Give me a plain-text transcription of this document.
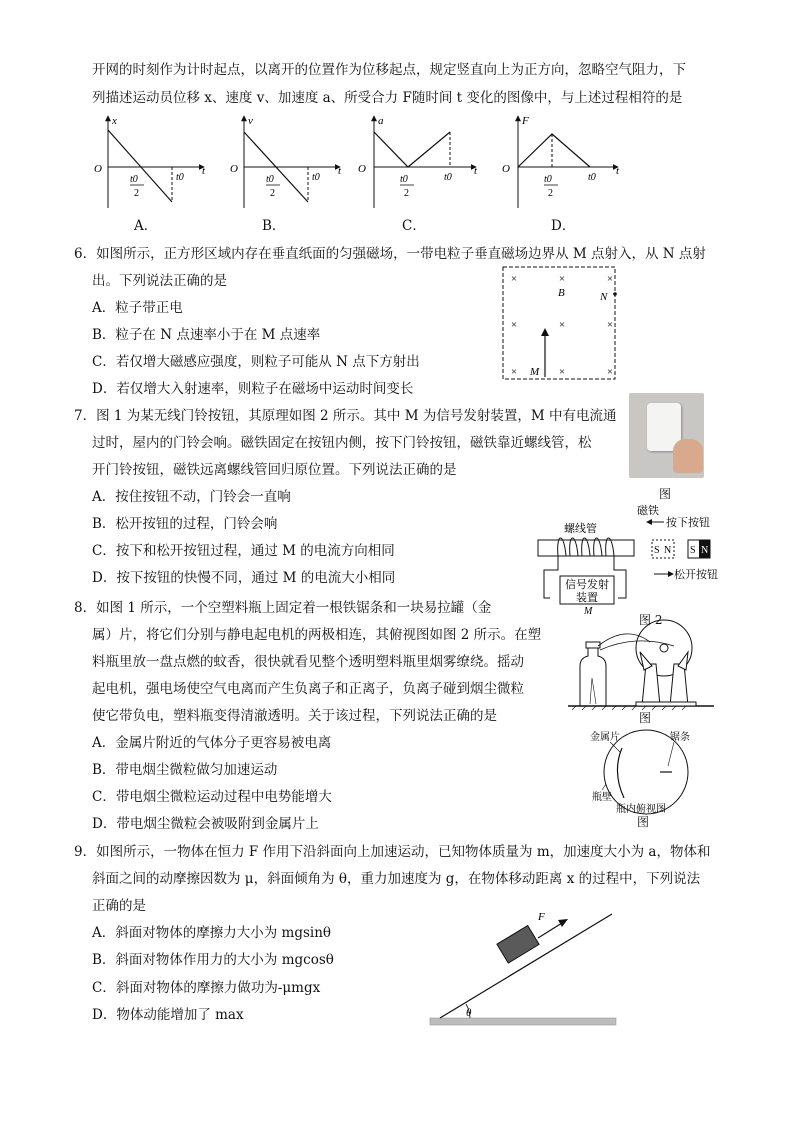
开网的时刻作为计时起点，以离开的位置作为位移起点，规定竖直向上为正方向，忽略空气阻力，下
列描述运动员位移 x、速度 v、加速度 a、所受合力 F随时间 t 变化的图像中，与上述过程相符的是
x
O	t
t0
2
t0
v
O	t
t0
2
t0
a
O	t
t0
2
t0
F
O	t
t0
2
t0
A．	B．	C．	D．
6．如图所示，正方形区域内存在垂直纸面的匀强磁场，一带电粒子垂直磁场边界从 M 点射入，从 N 点射
出。下列说法正确的是
A．粒子带正电
B．粒子在 N 点速率小于在 M 点速率
C．若仅增大磁感应强度，则粒子可能从 N 点下方射出
D．若仅增大入射速率，则粒子在磁场中运动时间变长
×	×	×
×	×	×
×	×	×
B	N
M
7．图 1 为某无线门铃按钮，其原理如图 2 所示。其中 M 为信号发射装置，M 中有电流通
过时，屋内的门铃会响。磁铁固定在按钮内侧，按下门铃按钮，磁铁靠近螺线管，松
开门铃按钮，磁铁远离螺线管回归原位置。下列说法正确的是
A．按住按钮不动，门铃会一直响
B．松开按钮的过程，门铃会响
C．按下和松开按钮过程，通过 M 的电流方向相同
D．按下按钮的快慢不同，通过 M 的电流大小相同
图
磁铁
按下按钮
螺线管
信号发射
装置
M
S N S N
松开按钮
图 2
8．如图 1 所示，一个空塑料瓶上固定着一根铁锯条和一块易拉罐（金
属）片，将它们分别与静电起电机的两极相连，其俯视图如图 2 所示。在塑
料瓶里放一盘点燃的蚊香，很快就看见整个透明塑料瓶里烟雾缭绕。摇动
起电机，强电场使空气电离而产生负离子和正离子，负离子碰到烟尘微粒
使它带负电，塑料瓶变得清澈透明。关于该过程，下列说法正确的是
A．金属片附近的气体分子更容易被电离
B．带电烟尘微粒做匀加速运动
C．带电烟尘微粒运动过程中电势能增大
D．带电烟尘微粒会被吸附到金属片上
图
金属片	锯条
瓶壁
瓶内俯视图
图
9．如图所示，一物体在恒力 F 作用下沿斜面向上加速运动，已知物体质量为 m，加速度大小为 a，物体和
斜面之间的动摩擦因数为 μ，斜面倾角为 θ，重力加速度为 g，在物体移动距离 x 的过程中，下列说法
正确的是
A．斜面对物体的摩擦力大小为 mgsinθ
B．斜面对物体作用力的大小为 mgcosθ
C．斜面对物体的摩擦力做功为-μmgx
D．物体动能增加了 max	θ
F
